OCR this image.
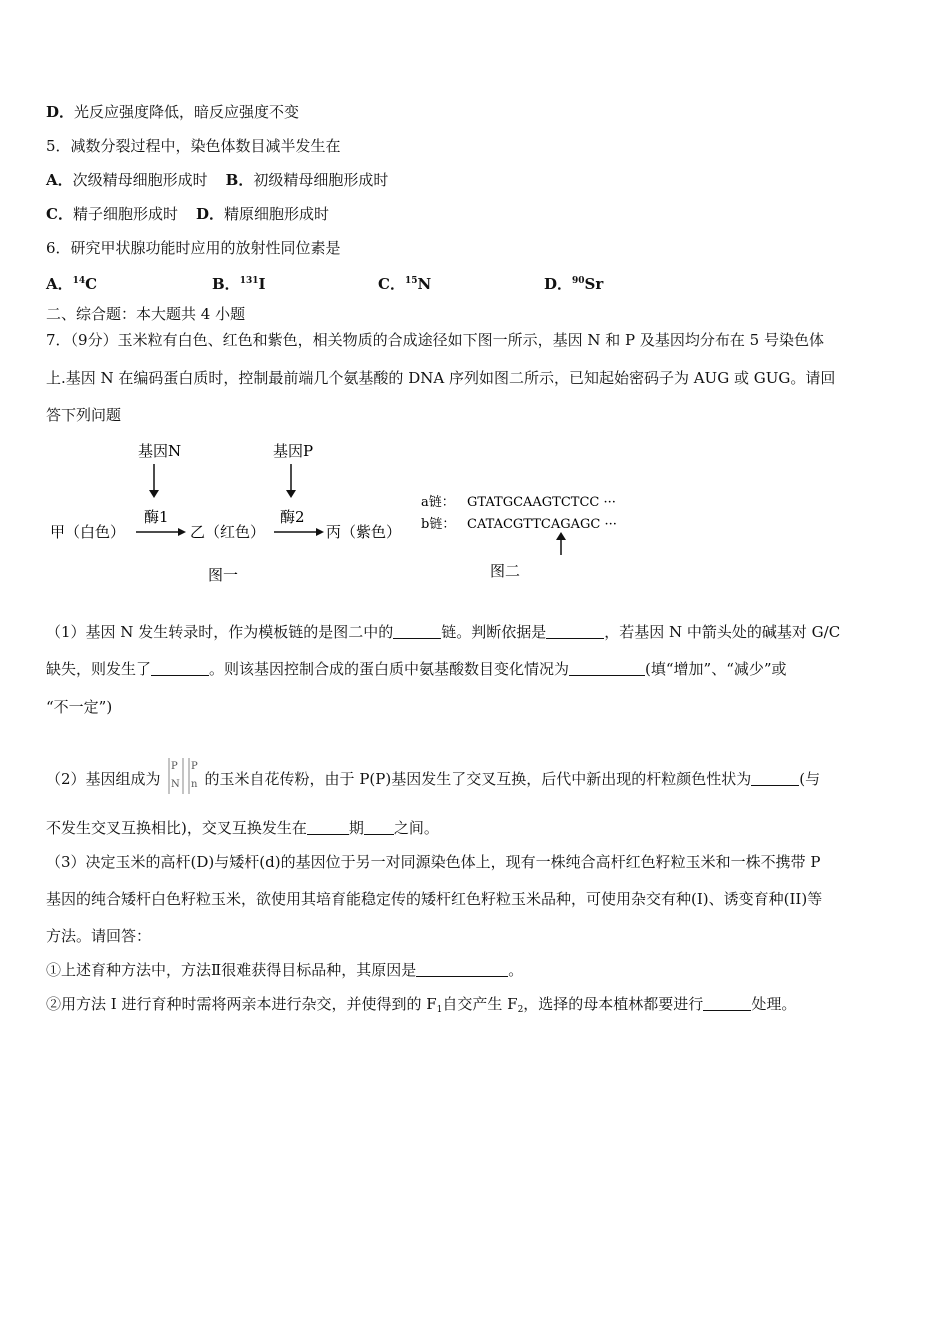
D．光反应强度降低，暗反应强度不变
5．减数分裂过程中，染色体数目减半发生在
A．次级精母细胞形成时 B．初级精母细胞形成时
C．精子细胞形成时 D．精原细胞形成时
6．研究甲状腺功能时应用的放射性同位素是
A．$^{14}$C	B．$^{131}$I	C．$^{15}$N	D．$^{90}$Sr
二、综合题：本大题共 4 小题
7．（9分）玉米粒有白色、红色和紫色，相关物质的合成途径如下图一所示，基因 N 和 P 及基因均分布在 5 号染色体
上.基因 N 在编码蛋白质时，控制最前端几个氨基酸的 DNA 序列如图二所示，已知起始密码子为 AUG 或 GUG。请回
答下列问题
基因N	基因P
酶1	酶2
甲（白色）	乙（红色）	丙（紫色）
图一
a链： GTATGCAAGTCTCC ···
b链： CATACGTTCAGAGC ···
图二
（1）基因 N 发生转录时，作为模板链的是图二中的	链。判断依据是	，若基因 N 中箭头处的碱基对 G/C
缺失，则发生了	。则该基因控制合成的蛋白质中氨基酸数目变化情况为	(填“增加”、“减少”或
“不一定”)
（2）基因组成为
P
N
P
n 的玉米自花传粉，由于 P(P)基因发生了交叉互换，后代中新出现的杆粒颜色性状为	(与
不发生交叉互换相比)，交叉互换发生在	期 之间。
（3）决定玉米的高杆(D)与矮杆(d)的基因位于另一对同源染色体上，现有一株纯合高杆红色籽粒玉米和一株不携带 P
基因的纯合矮杆白色籽粒玉米，欲使用其培育能稳定传的矮杆红色籽粒玉米品种，可使用杂交有种(I)、诱变育种(II)等
方法。请回答：
①上述育种方法中，方法Ⅱ很难获得目标品种，其原因是	。
②用方法 I 进行育种时需将两亲本进行杂交，并使得到的 $F_1$自交产生 $F_2$，选择的母本植林都要进行	处理。
